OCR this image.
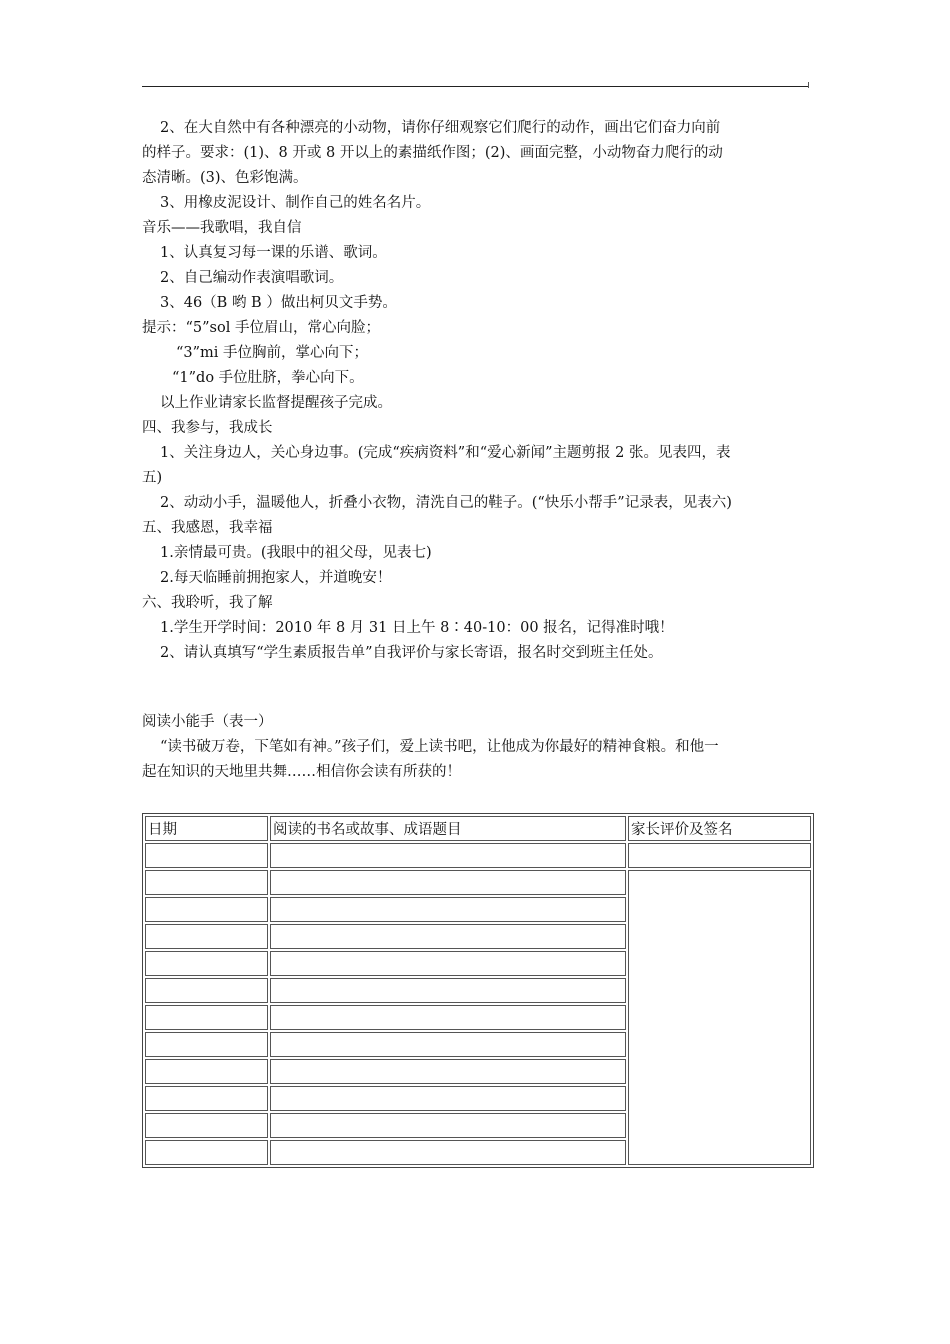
2、在大自然中有各种漂亮的小动物，请你仔细观察它们爬行的动作，画出它们奋力向前
的样子。要求：(1)、8 开或 8 开以上的素描纸作图；(2)、画面完整，小动物奋力爬行的动
态清晰。(3)、色彩饱满。
3、用橡皮泥设计、制作自己的姓名名片。
音乐——我歌唱，我自信
1、认真复习每一课的乐谱、歌词。
2、自己编动作表演唱歌词。
3、46（B 哟 B ）做出柯贝文手势。
提示：“5”sol 手位眉山，常心向脸；
“3”mi 手位胸前，掌心向下；
“1”do 手位肚脐，拳心向下。
以上作业请家长监督提醒孩子完成。
四、我参与，我成长
1、关注身边人，关心身边事。(完成“疾病资料”和“爱心新闻”主题剪报 2 张。见表四，表
五)
2、动动小手，温暖他人，折叠小衣物，清洗自己的鞋子。(“快乐小帮手”记录表，见表六)
五、我感恩，我幸福
1.亲情最可贵。(我眼中的祖父母，见表七)
2.每天临睡前拥抱家人，并道晚安！
六、我聆听，我了解
1.学生开学时间：2010 年 8 月 31 日上午 8∶40-10：00 报名，记得准时哦！
2、请认真填写“学生素质报告单”自我评价与家长寄语，报名时交到班主任处。
阅读小能手（表一）
“读书破万卷，下笔如有神。”孩子们，爱上读书吧，让他成为你最好的精神食粮。和他一
起在知识的天地里共舞……相信你会读有所获的！
日期	阅读的书名或故事、成语题目	家长评价及签名
